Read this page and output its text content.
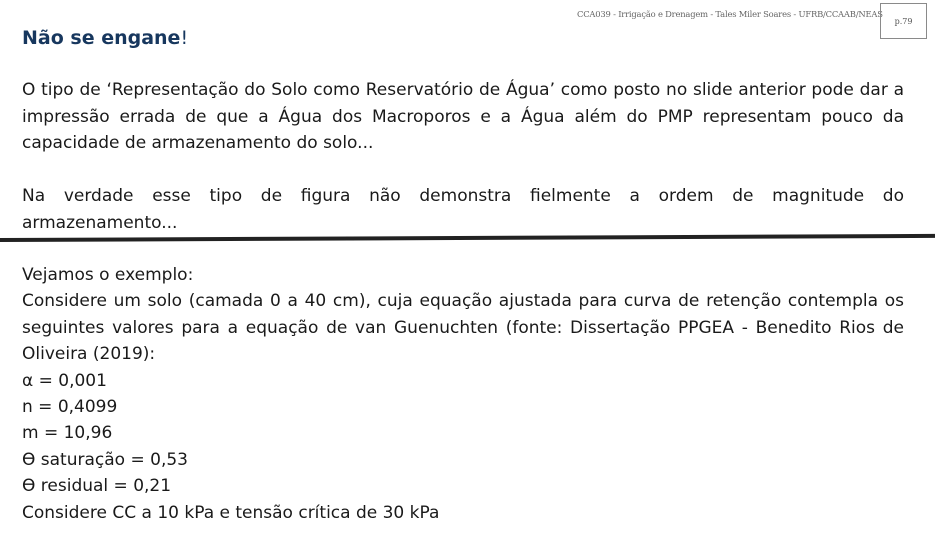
CCA039 - Irrigação e Drenagem - Tales Miler Soares - UFRB/CCAAB/NEAS
p.79
Não se engane!
O tipo de ‘Representação do Solo como Reservatório de Água’ como posto no slide anterior pode dar a impressão errada de que a Água dos Macroporos e a Água além do PMP representam pouco da capacidade de armazenamento do solo...
Na verdade esse tipo de figura não demonstra fielmente a ordem de magnitude do armazenamento...
Vejamos o exemplo:
Considere um solo (camada 0 a 40 cm), cuja equação ajustada para curva de retenção contempla os seguintes valores para a equação de van Guenuchten (fonte: Dissertação PPGEA - Benedito Rios de Oliveira (2019):
α = 0,001
n = 0,4099
m = 10,96
Ө saturação = 0,53
Ө residual = 0,21
Considere CC a 10 kPa e tensão crítica de 30 kPa
